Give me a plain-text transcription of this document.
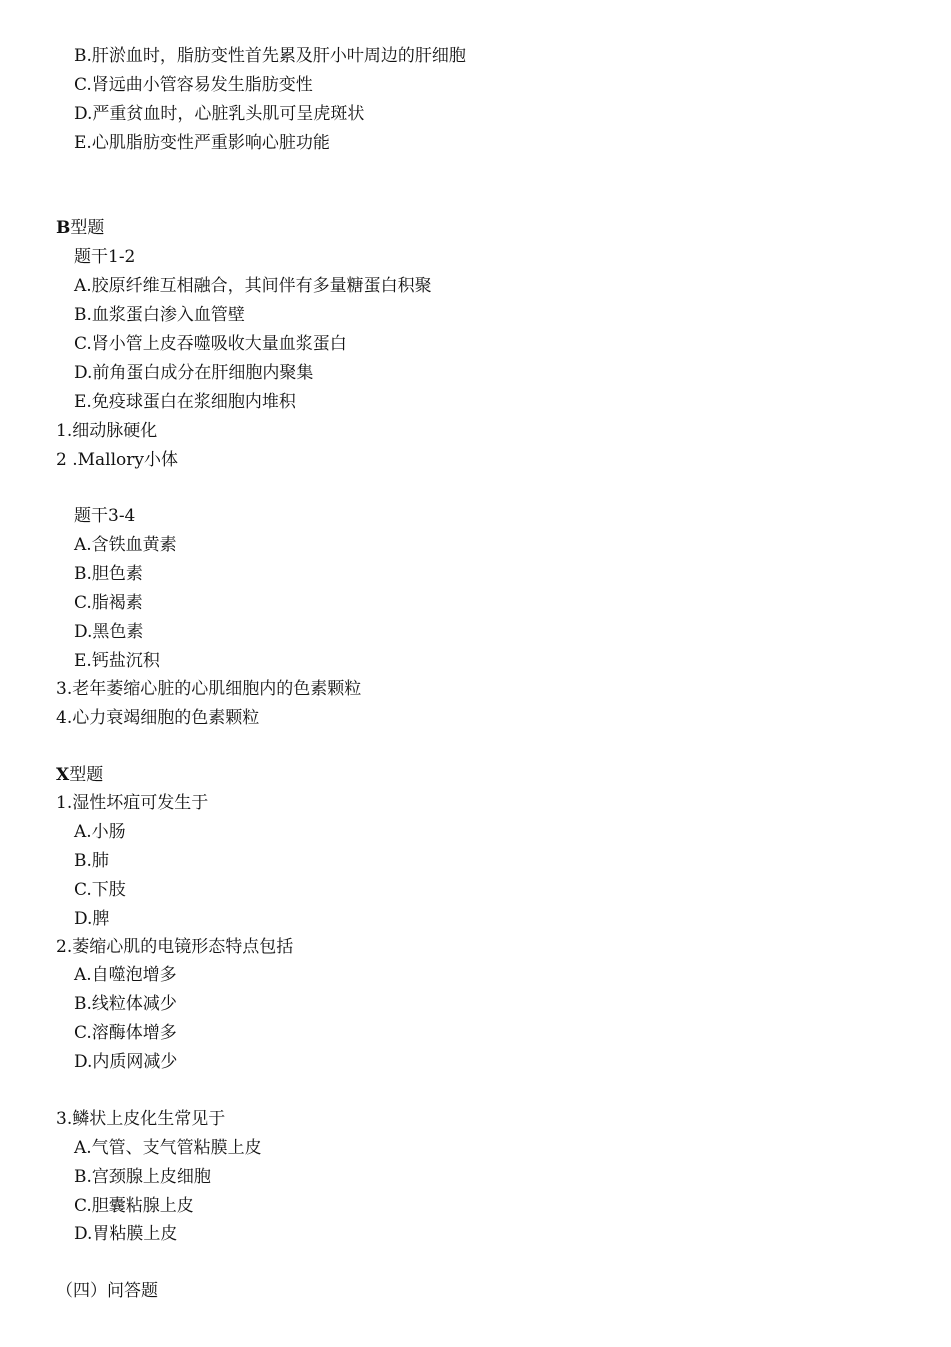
B.肝淤血时，脂肪变性首先累及肝小叶周边的肝细胞
C.肾远曲小管容易发生脂肪变性
D.严重贫血时，心脏乳头肌可呈虎斑状
E.心肌脂肪变性严重影响心脏功能
B型题
题干1-2
A.胶原纤维互相融合，其间伴有多量糖蛋白积聚
B.血浆蛋白渗入血管壁
C.肾小管上皮吞噬吸收大量血浆蛋白
D.前角蛋白成分在肝细胞内聚集
E.免疫球蛋白在浆细胞内堆积
1.细动脉硬化
2 .Mallory小体
题干3-4
A.含铁血黄素
B.胆色素
C.脂褐素
D.黑色素
E.钙盐沉积
3.老年萎缩心脏的心肌细胞内的色素颗粒
4.心力衰竭细胞的色素颗粒
X型题
1.湿性坏疽可发生于
A.小肠
B.肺
C.下肢
D.脾
2.萎缩心肌的电镜形态特点包括
A.自噬泡增多
B.线粒体减少
C.溶酶体增多
D.内质网减少
3.鳞状上皮化生常见于
A.气管、支气管粘膜上皮
B.宫颈腺上皮细胞
C.胆囊粘腺上皮
D.胃粘膜上皮
（四）问答题
